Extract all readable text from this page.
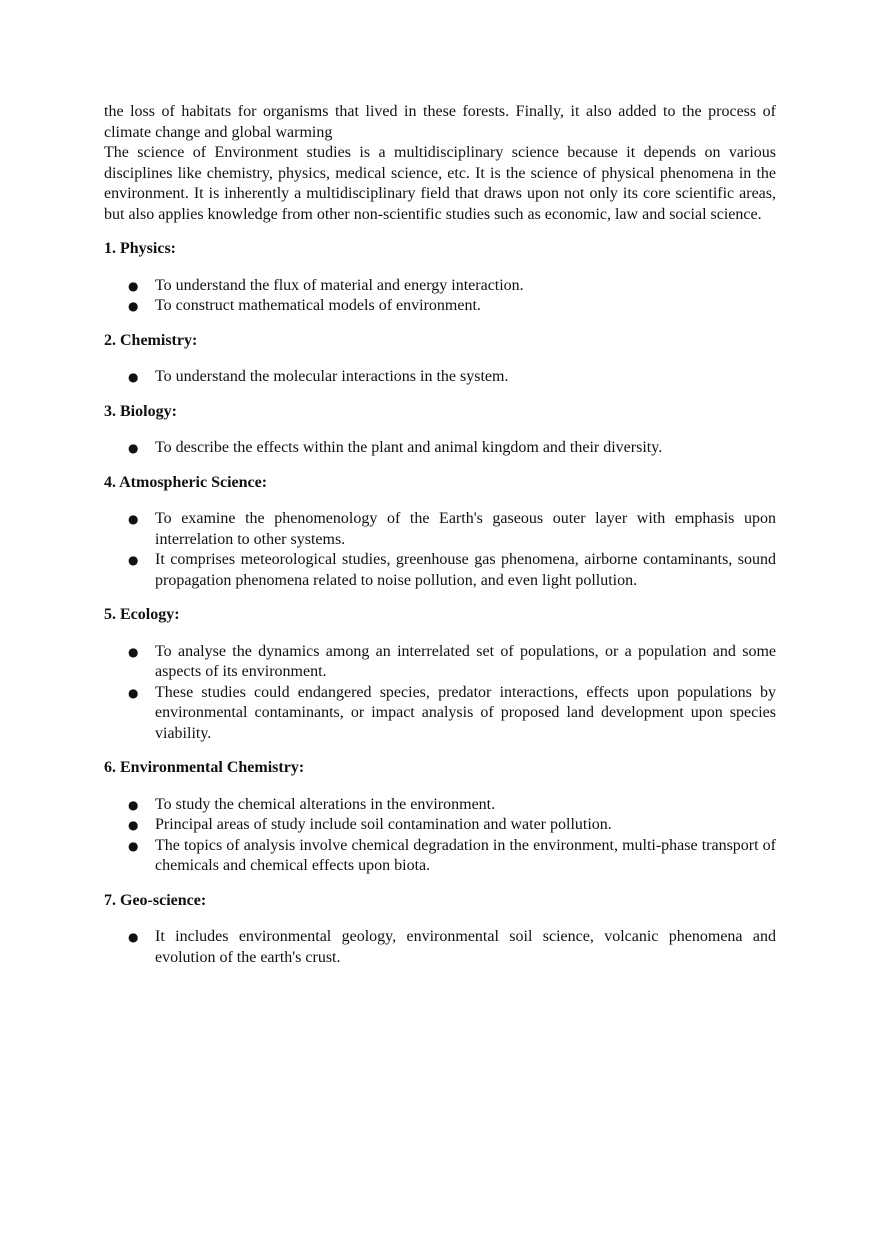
the loss of habitats for organisms that lived in these forests. Finally, it also added to the process of climate change and global warming

The science of Environment studies is a multidisciplinary science because it depends on various disciplines like chemistry, physics, medical science, etc. It is the science of physical phenomena in the environment. It is inherently a multidisciplinary field that draws upon not only its core scientific areas, but also applies knowledge from other non-scientific studies such as economic, law and social science.

1. Physics:

● To understand the flux of material and energy interaction.
● To construct mathematical models of environment.

2. Chemistry:

● To understand the molecular interactions in the system.

3. Biology:

● To describe the effects within the plant and animal kingdom and their diversity.

4. Atmospheric Science:

● To examine the phenomenology of the Earth's gaseous outer layer with emphasis upon interrelation to other systems.
● It comprises meteorological studies, greenhouse gas phenomena, airborne contaminants, sound propagation phenomena related to noise pollution, and even light pollution.

5. Ecology:

● To analyse the dynamics among an interrelated set of populations, or a population and some aspects of its environment.
● These studies could endangered species, predator interactions, effects upon populations by environmental contaminants, or impact analysis of proposed land development upon species viability.

6. Environmental Chemistry:

● To study the chemical alterations in the environment.
● Principal areas of study include soil contamination and water pollution.
● The topics of analysis involve chemical degradation in the environment, multi-phase transport of chemicals and chemical effects upon biota.

7. Geo-science:

● It includes environmental geology, environmental soil science, volcanic phenomena and evolution of the earth's crust.
